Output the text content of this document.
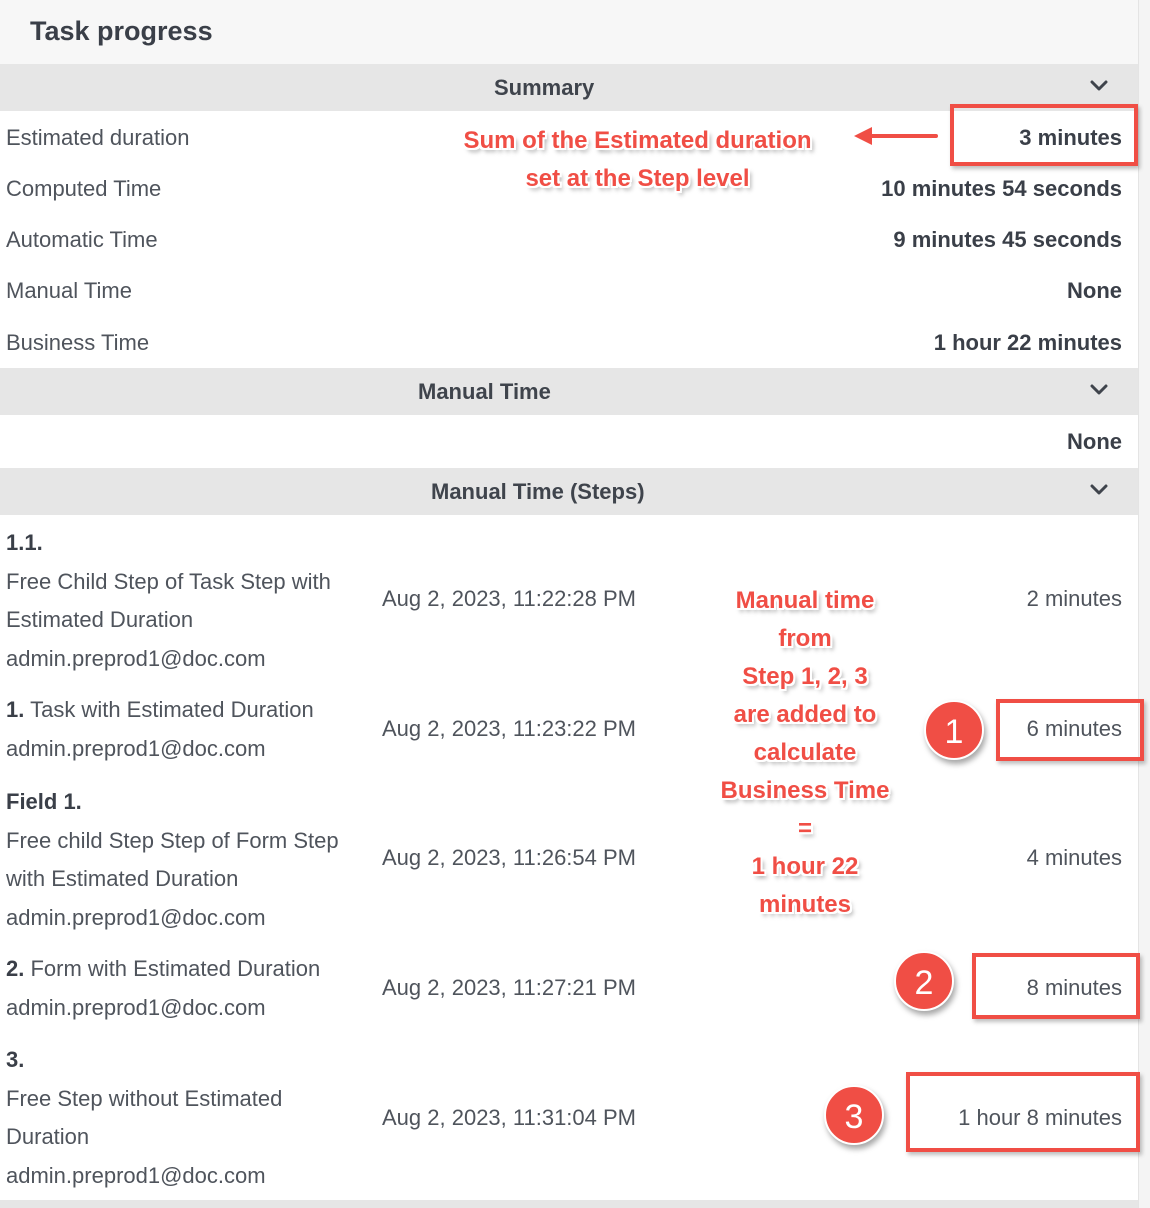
Task progress
Summary
Estimated duration	3 minutes
Computed Time	10 minutes 54 seconds
Automatic Time	9 minutes 45 seconds
Manual Time	None
Business Time	1 hour 22 minutes
Manual Time
None
Manual Time (Steps)
1.1.
Free Child Step of Task Step with Estimated Duration
admin.preprod1@doc.com
Aug 2, 2023, 11:22:28 PM	2 minutes
1. Task with Estimated Duration
admin.preprod1@doc.com
Aug 2, 2023, 11:23:22 PM	6 minutes
Field 1.
Free child Step Step of Form Step with Estimated Duration
admin.preprod1@doc.com
Aug 2, 2023, 11:26:54 PM	4 minutes
2. Form with Estimated Duration
admin.preprod1@doc.com
Aug 2, 2023, 11:27:21 PM	8 minutes
3.
Free Step without Estimated Duration
admin.preprod1@doc.com
Aug 2, 2023, 11:31:04 PM	1 hour 8 minutes
Sum of the Estimated duration
set at the Step level
Manual time
from
Step 1, 2, 3
are added to
calculate
Business Time
=
1 hour 22
minutes
1
2
3
